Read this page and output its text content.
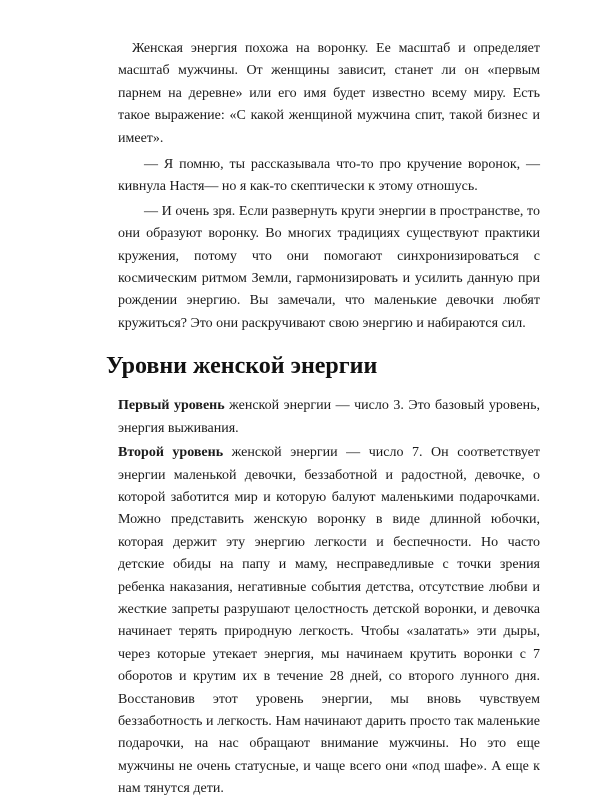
Женская энергия похожа на воронку. Ее масштаб и определяет масштаб мужчины. От женщины зависит, станет ли он «первым парнем на деревне» или его имя будет известно всему миру. Есть такое выражение: «С какой женщиной мужчина спит, такой бизнес и имеет».

— Я помню, ты рассказывала что-то про кручение воронок, — кивнула Настя— но я как-то скептически к этому отношусь.

— И очень зря. Если развернуть круги энергии в пространстве, то они образуют воронку. Во многих традициях существуют практики кружения, потому что они помогают синхронизироваться с космическим ритмом Земли, гармонизировать и усилить данную при рождении энергию. Вы замечали, что маленькие девочки любят кружиться? Это они раскручивают свою энергию и набираются сил.

Уровни женской энергии

Первый уровень женской энергии — число 3. Это базовый уровень, энергия выживания.

Второй уровень женской энергии — число 7. Он соответствует энергии маленькой девочки, беззаботной и радостной, девочке, о которой заботится мир и которую балуют маленькими подарочками. Можно представить женскую воронку в виде длинной юбочки, которая держит эту энергию легкости и беспечности. Но часто детские обиды на папу и маму, несправедливые с точки зрения ребенка наказания, негативные события детства, отсутствие любви и жесткие запреты разрушают целостность детской воронки, и девочка начинает терять природную легкость. Чтобы «залатать» эти дыры, через которые утекает энергия, мы начинаем крутить воронки с 7 оборотов и крутим их в течение 28 дней, со второго лунного дня. Восстановив этот уровень энергии, мы вновь чувствуем беззаботность и легкость. Нам начинают дарить просто так маленькие подарочки, на нас обращают внимание мужчины. Но это еще мужчины не очень статусные, и чаще всего они «под шафе». А еще к нам тянутся дети.
